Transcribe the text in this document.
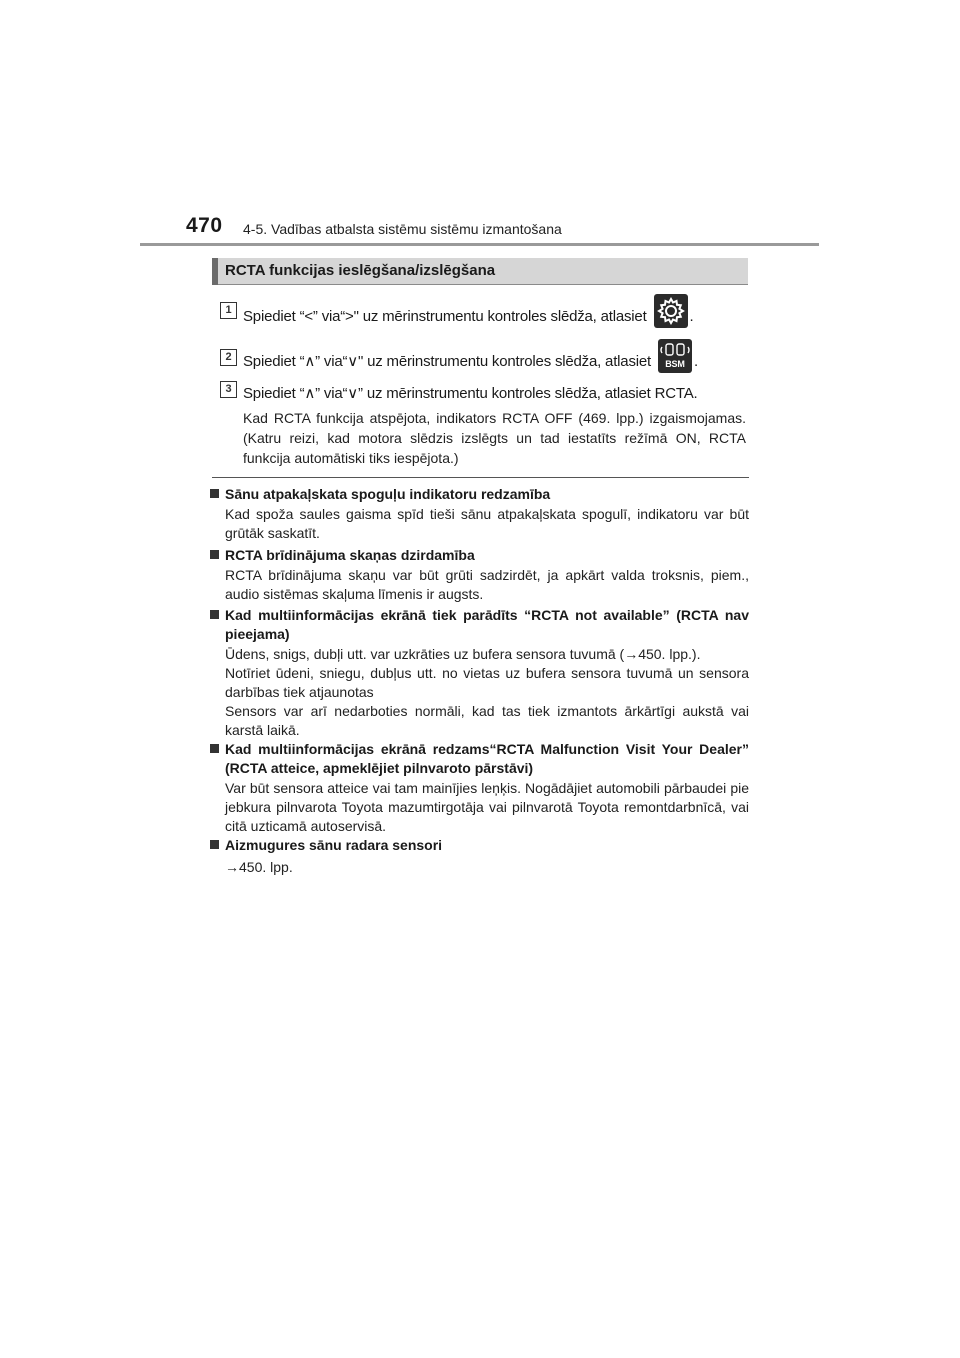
470 4-5. Vadības atbalsta sistēmu sistēmu izmantošana
RCTA funkcijas ieslēgšana/izslēgšana
1 Spiediet “<” via“>" uz mērinstrumentu kontroles slēdža, atlasiet	.
2 Spiediet “∧” via“∨" uz mērinstrumentu kontroles slēdža, atlasiet	BSM .
3 Spiediet “∧” via“∨” uz mērinstrumentu kontroles slēdža, atlasiet RCTA.
Kad RCTA funkcija atspējota, indikators RCTA OFF (469. lpp.) izgaismojamas. (Katru reizi, kad motora slēdzis izslēgts un tad iestatīts režīmā ON, RCTA funkcija automātiski tiks iespējota.)
Sānu atpakaļskata spoguļu indikatoru redzamība
Kad spoža saules gaisma spīd tieši sānu atpakaļskata spogulī, indikatoru var būt grūtāk saskatīt.
RCTA brīdinājuma skaņas dzirdamība
RCTA brīdinājuma skaņu var būt grūti sadzirdēt, ja apkārt valda troksnis, piem., audio sistēmas skaļuma līmenis ir augsts.
Kad multiinformācijas ekrānā tiek parādīts “RCTA not available” (RCTA nav pieejama)
Ūdens, snigs, dubļi utt. var uzkrāties uz bufera sensora tuvumā (→450. lpp.).
Notīriet ūdeni, sniegu, dubļus utt. no vietas uz bufera sensora tuvumā un sensora darbības tiek atjaunotas
Sensors var arī nedarboties normāli, kad tas tiek izmantots ārkārtīgi aukstā vai karstā laikā.
Kad multiinformācijas ekrānā redzams“RCTA Malfunction Visit Your Dealer” (RCTA atteice, apmeklējiet pilnvaroto pārstāvi)
Var būt sensora atteice vai tam mainījies leņķis. Nogādājiet automobili pārbaudei pie jebkura pilnvarota Toyota mazumtirgotāja vai pilnvarotā Toyota remontdarbnīcā, vai citā uzticamā autoservisā.
Aizmugures sānu radara sensori
→450. lpp.
